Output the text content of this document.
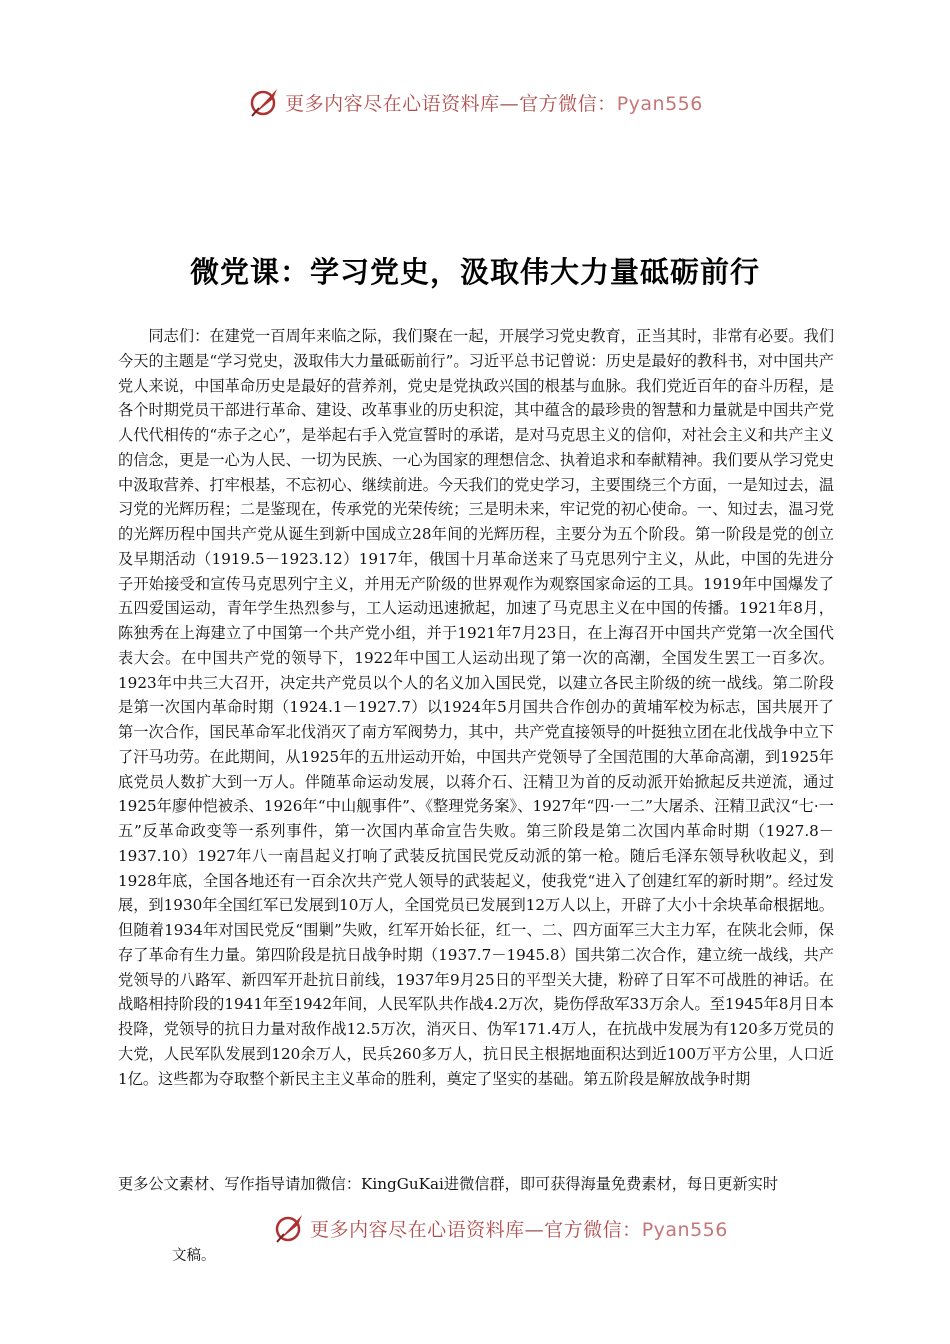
更多内容尽在心语资料库—官方微信：Pyan556
微党课：学习党史，汲取伟大力量砥砺前行

同志们：在建党一百周年来临之际，我们聚在一起，开展学习党史教育，正当其时，非常有必要。我们今天的主题是“学习党史，汲取伟大力量砥砺前行”。习近平总书记曾说：历史是最好的教科书，对中国共产党人来说，中国革命历史是最好的营养剂，党史是党执政兴国的根基与血脉。我们党近百年的奋斗历程，是各个时期党员干部进行革命、建设、改革事业的历史积淀，其中蕴含的最珍贵的智慧和力量就是中国共产党人代代相传的“赤子之心”，是举起右手入党宣誓时的承诺，是对马克思主义的信仰，对社会主义和共产主义的信念，更是一心为人民、一切为民族、一心为国家的理想信念、执着追求和奉献精神。我们要从学习党史中汲取营养、打牢根基，不忘初心、继续前进。今天我们的党史学习，主要围绕三个方面，一是知过去，温习党的光辉历程；二是鉴现在，传承党的光荣传统；三是明未来，牢记党的初心使命。一、知过去，温习党的光辉历程中国共产党从诞生到新中国成立28年间的光辉历程，主要分为五个阶段。第一阶段是党的创立及早期活动（1919.5－1923.12）1917年，俄国十月革命送来了马克思列宁主义，从此，中国的先进分子开始接受和宣传马克思列宁主义，并用无产阶级的世界观作为观察国家命运的工具。1919年中国爆发了五四爱国运动，青年学生热烈参与，工人运动迅速掀起，加速了马克思主义在中国的传播。1921年8月，陈独秀在上海建立了中国第一个共产党小组，并于1921年7月23日，在上海召开中国共产党第一次全国代表大会。在中国共产党的领导下，1922年中国工人运动出现了第一次的高潮，全国发生罢工一百多次。1923年中共三大召开，决定共产党员以个人的名义加入国民党，以建立各民主阶级的统一战线。第二阶段是第一次国内革命时期（1924.1－1927.7）以1924年5月国共合作创办的黄埔军校为标志，国共展开了第一次合作，国民革命军北伐消灭了南方军阀势力，其中，共产党直接领导的叶挺独立团在北伐战争中立下了汗马功劳。在此期间，从1925年的五卅运动开始，中国共产党领导了全国范围的大革命高潮，到1925年底党员人数扩大到一万人。伴随革命运动发展，以蒋介石、汪精卫为首的反动派开始掀起反共逆流，通过1925年廖仲恺被杀、1926年“中山舰事件”、《整理党务案》、1927年“四·一二”大屠杀、汪精卫武汉“七·一五”反革命政变等一系列事件，第一次国内革命宣告失败。第三阶段是第二次国内革命时期（1927.8－1937.10）1927年八一南昌起义打响了武装反抗国民党反动派的第一枪。随后毛泽东领导秋收起义，到1928年底，全国各地还有一百余次共产党人领导的武装起义，使我党“进入了创建红军的新时期”。经过发展，到1930年全国红军已发展到10万人，全国党员已发展到12万人以上，开辟了大小十余块革命根据地。但随着1934年对国民党反“围剿”失败，红军开始长征，红一、二、四方面军三大主力军，在陕北会师，保存了革命有生力量。第四阶段是抗日战争时期（1937.7－1945.8）国共第二次合作，建立统一战线，共产党领导的八路军、新四军开赴抗日前线，1937年9月25日的平型关大捷，粉碎了日军不可战胜的神话。在战略相持阶段的1941年至1942年间，人民军队共作战4.2万次，毙伤俘敌军33万余人。至1945年8月日本投降，党领导的抗日力量对敌作战12.5万次，消灭日、伪军171.4万人，在抗战中发展为有120多万党员的大党，人民军队发展到120余万人，民兵260多万人，抗日民主根据地面积达到近100万平方公里，人口近1亿。这些都为夺取整个新民主主义革命的胜利，奠定了坚实的基础。第五阶段是解放战争时期

更多公文素材、写作指导请加微信：KingGuKai进微信群，即可获得海量免费素材，每日更新实时

更多内容尽在心语资料库—官方微信：Pyan556

文稿。
